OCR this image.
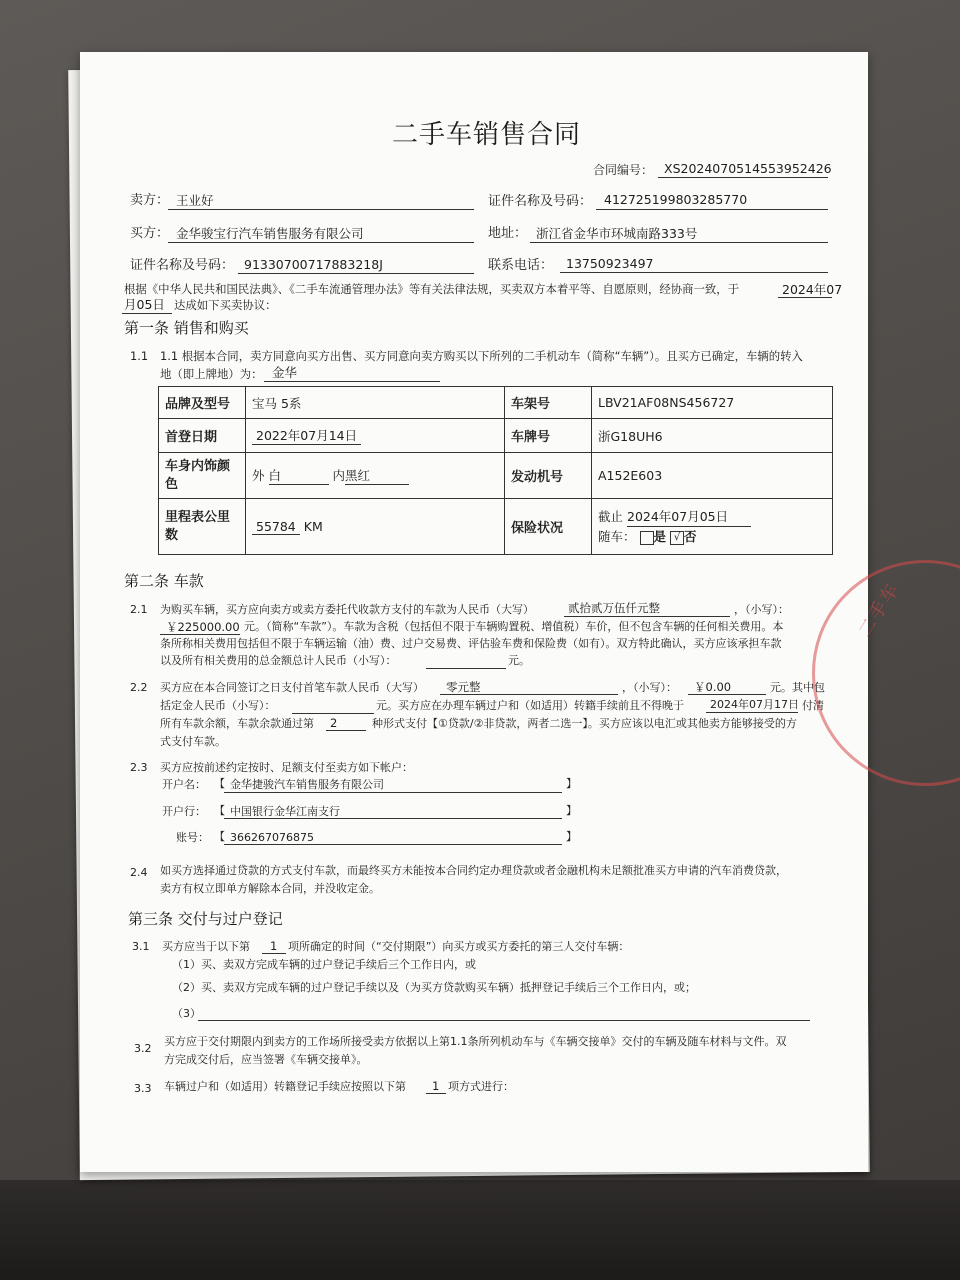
二手车
二手车销售合同
合同编号： XS2024070514553952426
卖方： 王业好	证件名称及号码： 412725199803285770
买方： 金华骏宝行汽车销售服务有限公司	地址： 浙江省金华市环城南路333号
证件名称及号码： 91330700717883218J	联系电话： 13750923497
根据《中华人民共和国民法典》、《二手车流通管理办法》等有关法律法规，买卖双方本着平等、自愿原则，经协商一致，于	2024年07
月05日 达成如下买卖协议：
第一条 销售和购买
1.1 1.1 根据本合同，卖方同意向买方出售、买方同意向卖方购买以下所列的二手机动车（简称“车辆”）。且买方已确定，车辆的转入
地（即上牌地）为： 金华
品牌及型号	宝马 5系	车架号	LBV21AF08NS456727
首登日期	2022年07月14日	车牌号	浙G18UH6
车身内饰颜色	外 白 内黑红	发动机号	A152E603
里程表公里数	55784 KM	保险状况	截止 2024年07月05日
随车： 是 √ 否
第二条 车款
2.1 为购买车辆，买方应向卖方或卖方委托代收款方支付的车款为人民币（大写）	贰拾贰万伍仟元整	，（小写）：
￥225000.00 元。（简称“车款”）。车款为含税（包括但不限于车辆购置税、增值税）车价，但不包含车辆的任何相关费用。本
条所称相关费用包括但不限于车辆运输（油）费、过户交易费、评估验车费和保险费（如有）。双方特此确认，买方应该承担车款
以及所有相关费用的总金额总计人民币（小写）：	元。
2.2 买方应在本合同签订之日支付首笔车款人民币（大写） 零元整	，（小写）： ￥0.00	元。其中包
括定金人民币（小写）：	元。买方应在办理车辆过户和（如适用）转籍手续前且不得晚于 2024年07月17日 付清
所有车款余额，车款余款通过第 2	种形式支付【①贷款/②非贷款，两者二选一】。买方应该以电汇或其他卖方能够接受的方
式支付车款。
2.3 买方应按前述约定按时、足额支付至卖方如下帐户：
开户名： 【 金华捷骏汽车销售服务有限公司	】
开户行： 【 中国银行金华江南支行	】
账号： 【 366267076875	】
2.4 如买方选择通过贷款的方式支付车款，而最终买方未能按本合同约定办理贷款或者金融机构未足额批准买方申请的汽车消费贷款，
卖方有权立即单方解除本合同，并没收定金。
第三条 交付与过户登记
3.1 买方应当于以下第 1 项所确定的时间（“交付期限”）向买方或买方委托的第三人交付车辆：
（1）买、卖双方完成车辆的过户登记手续后三个工作日内，或
（2）买、卖双方完成车辆的过户登记手续以及（为买方贷款购买车辆）抵押登记手续后三个工作日内，或；
（3）
3.2
买方应于交付期限内到卖方的工作场所接受卖方依据以上第1.1条所列机动车与《车辆交接单》交付的车辆及随车材料与文件。双
方完成交付后，应当签署《车辆交接单》。
3.3 车辆过户和（如适用）转籍登记手续应按照以下第 1 项方式进行：
